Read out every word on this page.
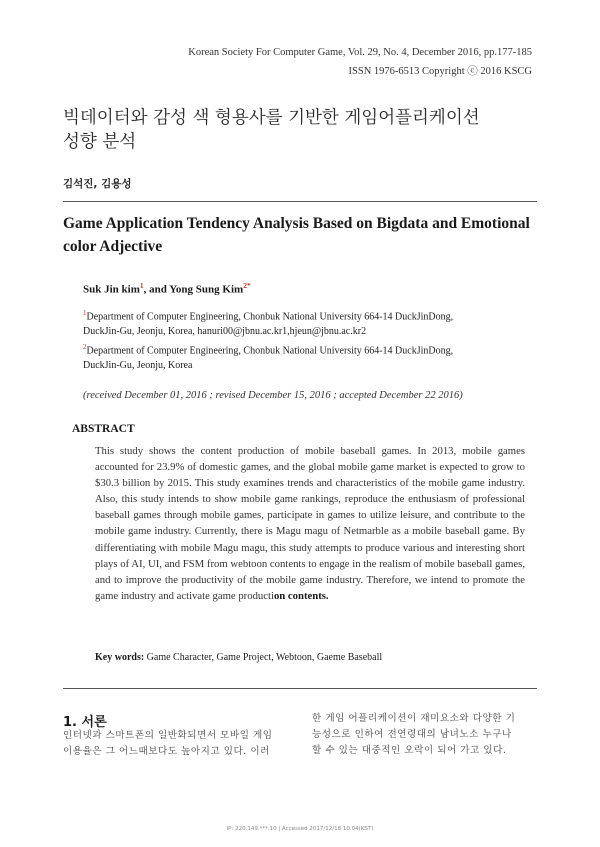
Korean Society For Computer Game, Vol. 29, No. 4, December 2016, pp.177-185
ISSN 1976-6513 Copyright ⓒ 2016 KSCG
빅데이터와 감성 색 형용사를 기반한 게임어플리케이션
성향 분석
김석진, 김용성
Game Application Tendency Analysis Based on Bigdata and Emotional
color Adjective
Suk Jin kim$^1$, and Yong Sung Kim$^{2*}$
$^1$Department of Computer Engineering, Chonbuk National University 664-14 DuckJinDong,
DuckJin-Gu, Jeonju, Korea, hanuri00@jbnu.ac.kr1,hjeun@jbnu.ac.kr2
$^2$Department of Computer Engineering, Chonbuk National University 664-14 DuckJinDong,
DuckJin-Gu, Jeonju, Korea
(received December 01, 2016 ; revised December 15, 2016 ; accepted December 22 2016)
ABSTRACT
This study shows the content production of mobile baseball games. In 2013, mobile games accounted for 23.9% of domestic games, and the global mobile game market is expected to grow to $30.3 billion by 2015. This study examines trends and characteristics of the mobile game industry. Also, this study intends to show mobile game rankings, reproduce the enthusiasm of professional baseball games through mobile games, participate in games to utilize leisure, and contribute to the mobile game industry. Currently, there is Magu magu of Netmarble as a mobile baseball game. By differentiating with mobile Magu magu, this study attempts to produce various and interesting short plays of AI, UI, and FSM from webtoon contents to engage in the realism of mobile baseball games, and to improve the productivity of the mobile game industry. Therefore, we intend to promote the game industry and activate game production contents.
Key words: Game Character, Game Project, Webtoon, Gaeme Baseball
1. 서론
인터넷과 스마트폰의 일반화되면서 모바일 게임
이용율은 그 어느때보다도 높아지고 있다. 이러
한 게임 어플리케이션이 재미요소와 다양한 기
능성으로 인하여 전연령대의 남녀노소 누구나
할 수 있는 대중적인 오락이 되어 가고 있다.
IP: 220.149.***.10 | Accessed 2017/12/18 10:04(KST)
